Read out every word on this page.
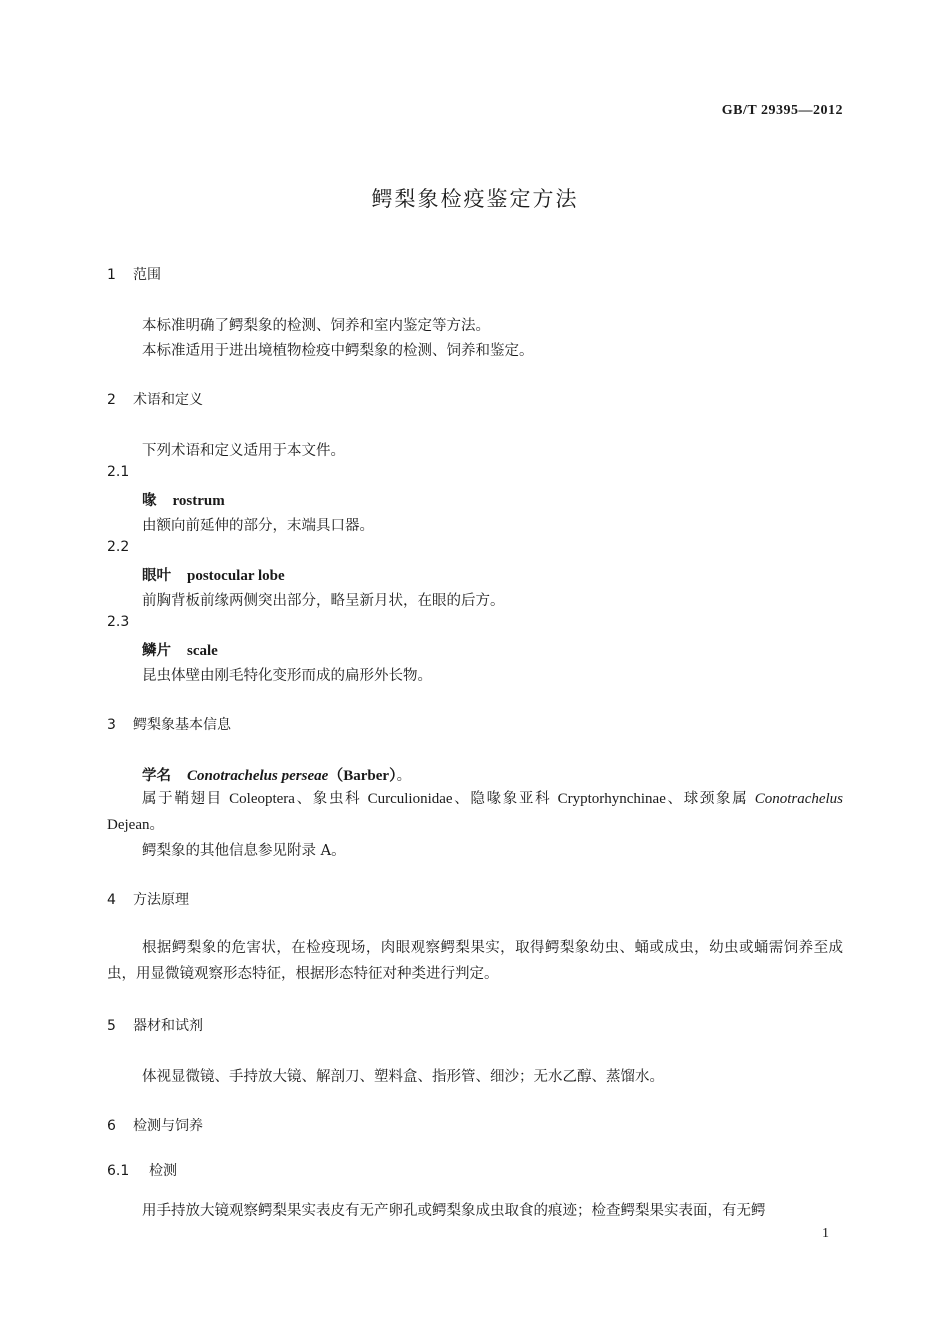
GB/T 29395—2012
鳄梨象检疫鉴定方法
1 范围
本标准明确了鳄梨象的检测、饲养和室内鉴定等方法。
本标准适用于进出境植物检疫中鳄梨象的检测、饲养和鉴定。
2 术语和定义
下列术语和定义适用于本文件。
2.1
喙 rostrum
由额向前延伸的部分，末端具口器。
2.2
眼叶 postocular lobe
前胸背板前缘两侧突出部分，略呈新月状，在眼的后方。
2.3
鳞片 scale
昆虫体壁由刚毛特化变形而成的扁形外长物。
3 鳄梨象基本信息
学名 Conotrachelus perseae（Barber）。
属于鞘翅目 Coleoptera、象虫科 Curculionidae、隐喙象亚科 Cryptorhynchinae、球颈象属 Conotrachelus Dejean。
鳄梨象的其他信息参见附录 A。
4 方法原理
根据鳄梨象的危害状，在检疫现场，肉眼观察鳄梨果实，取得鳄梨象幼虫、蛹或成虫，幼虫或蛹需饲养至成虫，用显微镜观察形态特征，根据形态特征对种类进行判定。
5 器材和试剂
体视显微镜、手持放大镜、解剖刀、塑料盒、指形管、细沙；无水乙醇、蒸馏水。
6 检测与饲养
6.1 检测
用手持放大镜观察鳄梨果实表皮有无产卵孔或鳄梨象成虫取食的痕迹；检查鳄梨果实表面，有无鳄
1
